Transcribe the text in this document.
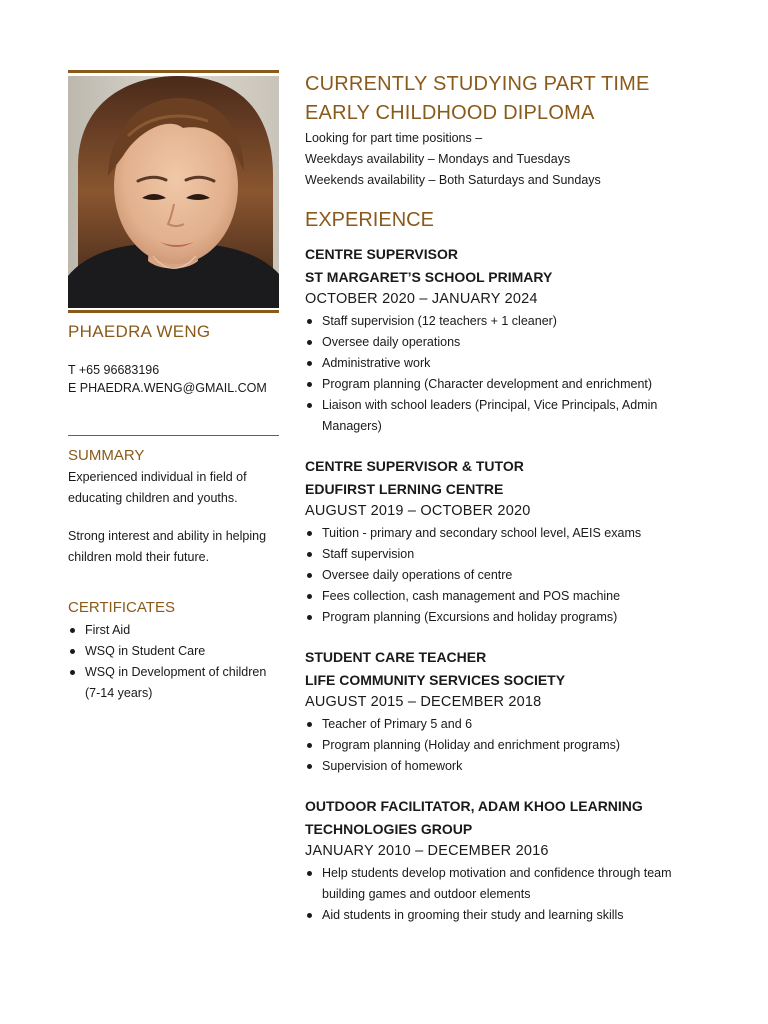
PHAEDRA WENG
T +65 96683196
E PHAEDRA.WENG@GMAIL.COM
SUMMARY
Experienced individual in field of educating children and youths.
Strong interest and ability in helping children mold their future.
CERTIFICATES
First Aid
WSQ in Student Care
WSQ in Development of children (7-14 years)
CURRENTLY STUDYING PART TIME EARLY CHILDHOOD DIPLOMA
Looking for part time positions –
Weekdays availability – Mondays and Tuesdays
Weekends availability – Both Saturdays and Sundays
EXPERIENCE
CENTRE SUPERVISOR
ST MARGARET’S SCHOOL PRIMARY
OCTOBER 2020 – JANUARY 2024
Staff supervision (12 teachers + 1 cleaner)
Oversee daily operations
Administrative work
Program planning (Character development and enrichment)
Liaison with school leaders (Principal, Vice Principals, Admin Managers)
CENTRE SUPERVISOR & TUTOR
EDUFIRST LERNING CENTRE
AUGUST 2019 – OCTOBER 2020
Tuition - primary and secondary school level, AEIS exams
Staff supervision
Oversee daily operations of centre
Fees collection, cash management and POS machine
Program planning (Excursions and holiday programs)
STUDENT CARE TEACHER
LIFE COMMUNITY SERVICES SOCIETY
AUGUST 2015 – DECEMBER 2018
Teacher of Primary 5 and 6
Program planning (Holiday and enrichment programs)
Supervision of homework
OUTDOOR FACILITATOR, ADAM KHOO LEARNING TECHNOLOGIES GROUP
JANUARY 2010 – DECEMBER 2016
Help students develop motivation and confidence through team building games and outdoor elements
Aid students in grooming their study and learning skills
